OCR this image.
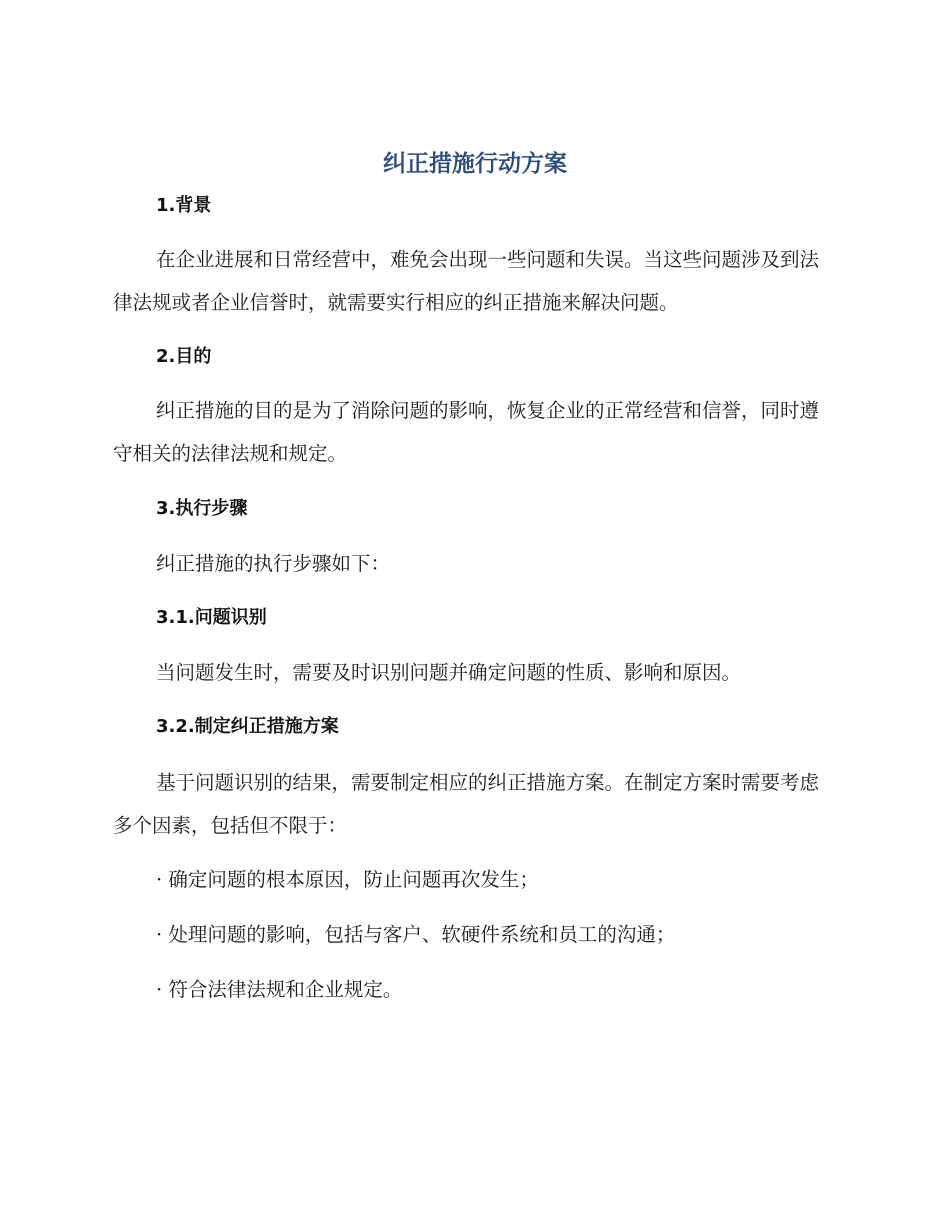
纠正措施行动方案
1.背景

在企业进展和日常经营中，难免会出现一些问题和失误。当这些问题涉及到法律法规或者企业信誉时，就需要实行相应的纠正措施来解决问题。

2.目的

纠正措施的目的是为了消除问题的影响，恢复企业的正常经营和信誉，同时遵守相关的法律法规和规定。

3.执行步骤

纠正措施的执行步骤如下：

3.1.问题识别

当问题发生时，需要及时识别问题并确定问题的性质、影响和原因。

3.2.制定纠正措施方案

基于问题识别的结果，需要制定相应的纠正措施方案。在制定方案时需要考虑多个因素，包括但不限于：

· 确定问题的根本原因，防止问题再次发生；

· 处理问题的影响，包括与客户、软硬件系统和员工的沟通；

· 符合法律法规和企业规定。
